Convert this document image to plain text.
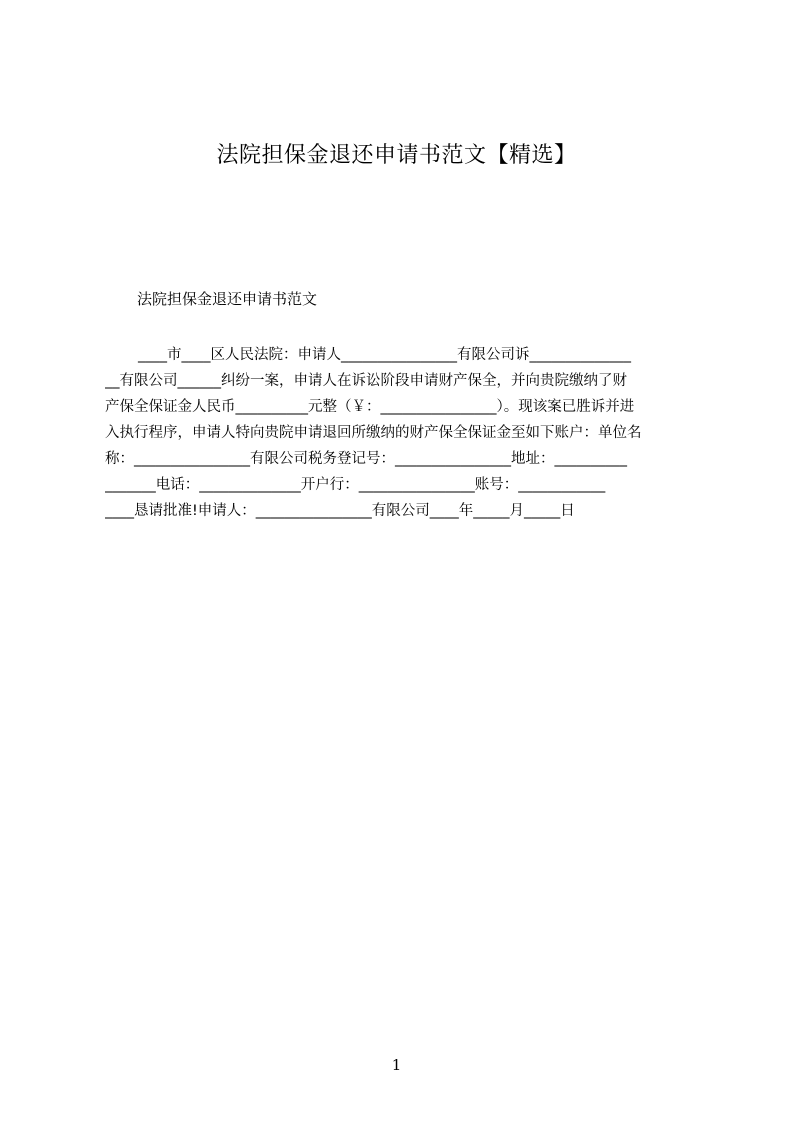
法院担保金退还申请书范文【精选】
法院担保金退还申请书范文
____市____区人民法院：申请人________________有限公司诉______________
__有限公司______纠纷一案，申请人在诉讼阶段申请财产保全，并向贵院缴纳了财
产保全保证金人民币__________元整（￥：________________）。现该案已胜诉并进
入执行程序，申请人特向贵院申请退回所缴纳的财产保全保证金至如下账户：单位名
称：________________有限公司税务登记号：________________地址：__________
_______电话：______________开户行：________________账号：____________
____恳请批准!申请人：________________有限公司____年_____月_____日
1
